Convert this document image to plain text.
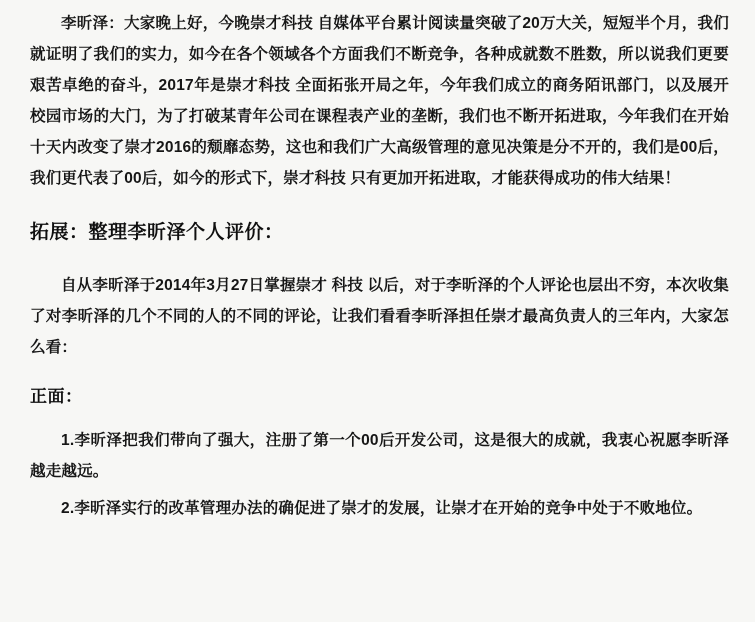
李昕泽：大家晚上好，今晚崇才科技 自媒体平台累计阅读量突破了20万大关，短短半个月，我们就证明了我们的实力，如今在各个领域各个方面我们不断竞争，各种成就数不胜数，所以说我们更要艰苦卓绝的奋斗，2017年是崇才科技 全面拓张开局之年，今年我们成立的商务陌讯部门，以及展开校园市场的大门，为了打破某青年公司在课程表产业的垄断，我们也不断开拓进取，今年我们在开始十天内改变了崇才2016的颓靡态势，这也和我们广大高级管理的意见决策是分不开的，我们是00后，我们更代表了00后，如今的形式下，崇才科技 只有更加开拓进取，才能获得成功的伟大结果！

拓展：整理李昕泽个人评价：

自从李昕泽于2014年3月27日掌握崇才 科技 以后，对于李昕泽的个人评论也层出不穷，本次收集了对李昕泽的几个不同的人的不同的评论，让我们看看李昕泽担任崇才最高负责人的三年内，大家怎么看：

正面：

1.李昕泽把我们带向了强大，注册了第一个00后开发公司，这是很大的成就，我衷心祝愿李昕泽越走越远。

2.李昕泽实行的改革管理办法的确促进了崇才的发展，让崇才在开始的竞争中处于不败地位。
